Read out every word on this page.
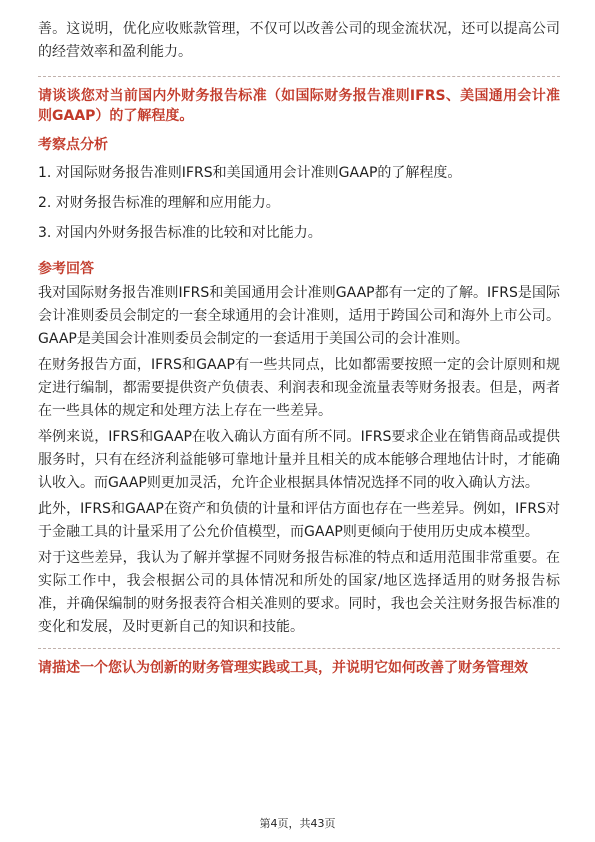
善。这说明，优化应收账款管理，不仅可以改善公司的现金流状况，还可以提高公司的经营效率和盈利能力。

请谈谈您对当前国内外财务报告标准（如国际财务报告准则IFRS、美国通用会计准则GAAP）的了解程度。

考察点分析

1. 对国际财务报告准则IFRS和美国通用会计准则GAAP的了解程度。

2. 对财务报告标准的理解和应用能力。

3. 对国内外财务报告标准的比较和对比能力。

参考回答

我对国际财务报告准则IFRS和美国通用会计准则GAAP都有一定的了解。IFRS是国际会计准则委员会制定的一套全球通用的会计准则，适用于跨国公司和海外上市公司。GAAP是美国会计准则委员会制定的一套适用于美国公司的会计准则。

在财务报告方面，IFRS和GAAP有一些共同点，比如都需要按照一定的会计原则和规定进行编制，都需要提供资产负债表、利润表和现金流量表等财务报表。但是，两者在一些具体的规定和处理方法上存在一些差异。

举例来说，IFRS和GAAP在收入确认方面有所不同。IFRS要求企业在销售商品或提供服务时，只有在经济利益能够可靠地计量并且相关的成本能够合理地估计时，才能确认收入。而GAAP则更加灵活，允许企业根据具体情况选择不同的收入确认方法。

此外，IFRS和GAAP在资产和负债的计量和评估方面也存在一些差异。例如，IFRS对于金融工具的计量采用了公允价值模型，而GAAP则更倾向于使用历史成本模型。

对于这些差异，我认为了解并掌握不同财务报告标准的特点和适用范围非常重要。在实际工作中，我会根据公司的具体情况和所处的国家/地区选择适用的财务报告标准，并确保编制的财务报表符合相关准则的要求。同时，我也会关注财务报告标准的变化和发展，及时更新自己的知识和技能。

请描述一个您认为创新的财务管理实践或工具，并说明它如何改善了财务管理效

第4页，共43页
